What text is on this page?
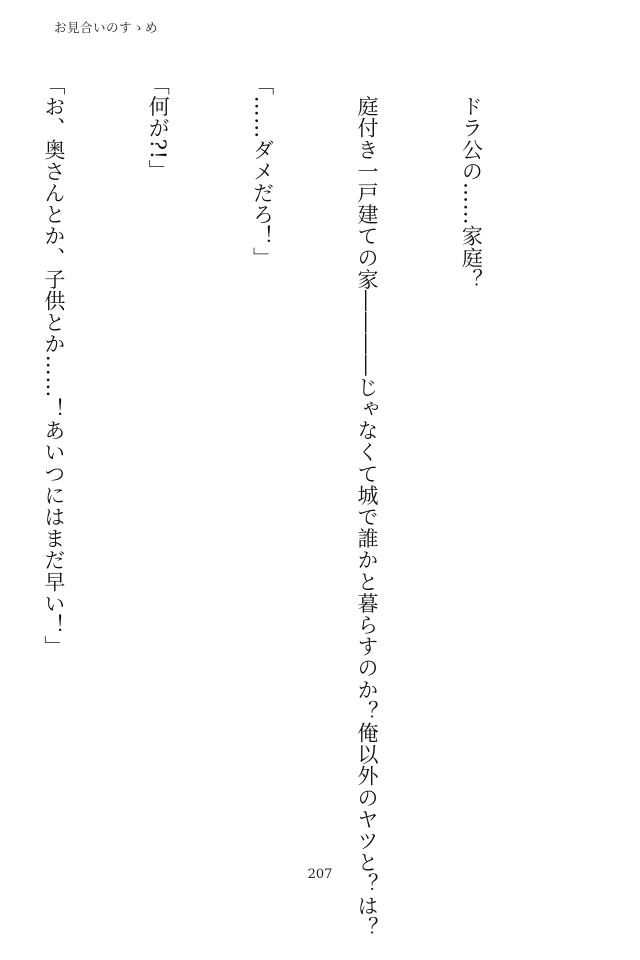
お見合いのすゝめ

　ドラ公の……家庭？

　庭付き一戸建ての家――――じゃなくて城で誰かと暮らすのか？俺以外のヤツと？は？

「……ダメだろ！」

「何が?!」

「お、奥さんとか、子供とか……！あいつにはまだ早い！」

207
